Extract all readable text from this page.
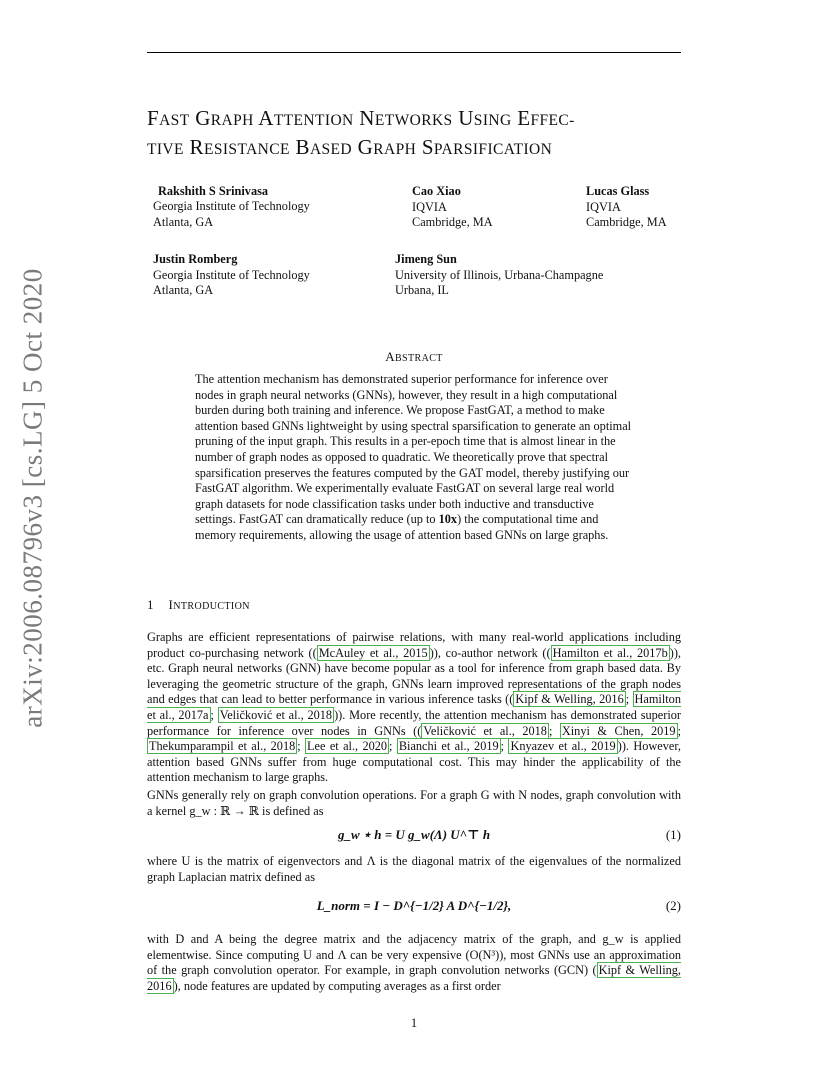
arXiv:2006.08796v3 [cs.LG] 5 Oct 2020
FAST GRAPH ATTENTION NETWORKS USING EFFEC-
TIVE RESISTANCE BASED GRAPH SPARSIFICATION
Rakshith S Srinivasa
Georgia Institute of Technology
Atlanta, GA
Cao Xiao
IQVIA
Cambridge, MA
Lucas Glass
IQVIA
Cambridge, MA
Justin Romberg
Georgia Institute of Technology
Atlanta, GA
Jimeng Sun
University of Illinois, Urbana-Champagne
Urbana, IL
ABSTRACT
The attention mechanism has demonstrated superior performance for inference over nodes in graph neural networks (GNNs), however, they result in a high computational burden during both training and inference. We propose FastGAT, a method to make attention based GNNs lightweight by using spectral sparsification to generate an optimal pruning of the input graph. This results in a per-epoch time that is almost linear in the number of graph nodes as opposed to quadratic. We theoretically prove that spectral sparsification preserves the features computed by the GAT model, thereby justifying our FastGAT algorithm. We experimentally evaluate FastGAT on several large real world graph datasets for node classification tasks under both inductive and transductive settings. FastGAT can dramatically reduce (up to 10x) the computational time and memory requirements, allowing the usage of attention based GNNs on large graphs.
1    INTRODUCTION
Graphs are efficient representations of pairwise relations, with many real-world applications including product co-purchasing network (( McAuley et al., 2015 )), co-author network (( Hamilton et al., 2017b )), etc. Graph neural networks (GNN) have become popular as a tool for inference from graph based data. By leveraging the geometric structure of the graph, GNNs learn improved representations of the graph nodes and edges that can lead to better performance in various inference tasks (( Kipf & Welling, 2016 ; Hamilton et al., 2017a ; Veličković et al., 2018 )). More recently, the attention mechanism has demonstrated superior performance for inference over nodes in GNNs (( Veličković et al., 2018 ; Xinyi & Chen, 2019 ; Thekumparampil et al., 2018 ; Lee et al., 2020 ; Bianchi et al., 2019 ; Knyazev et al., 2019 )). However, attention based GNNs suffer from huge computational cost. This may hinder the applicability of the attention mechanism to large graphs.
GNNs generally rely on graph convolution operations. For a graph G with N nodes, graph convolution with a kernel g_w : ℝ → ℝ is defined as
g_w ⋆ h = U g_w(Λ) U^⊤ h	(1)
where U is the matrix of eigenvectors and Λ is the diagonal matrix of the eigenvalues of the normalized graph Laplacian matrix defined as
L_norm = I − D^{−1/2} A D^{−1/2},	(2)
with D and A being the degree matrix and the adjacency matrix of the graph, and g_w is applied elementwise. Since computing U and Λ can be very expensive (O(N³)), most GNNs use an approximation of the graph convolution operator. For example, in graph convolution networks (GCN) ( Kipf & Welling, 2016 ), node features are updated by computing averages as a first order
1
